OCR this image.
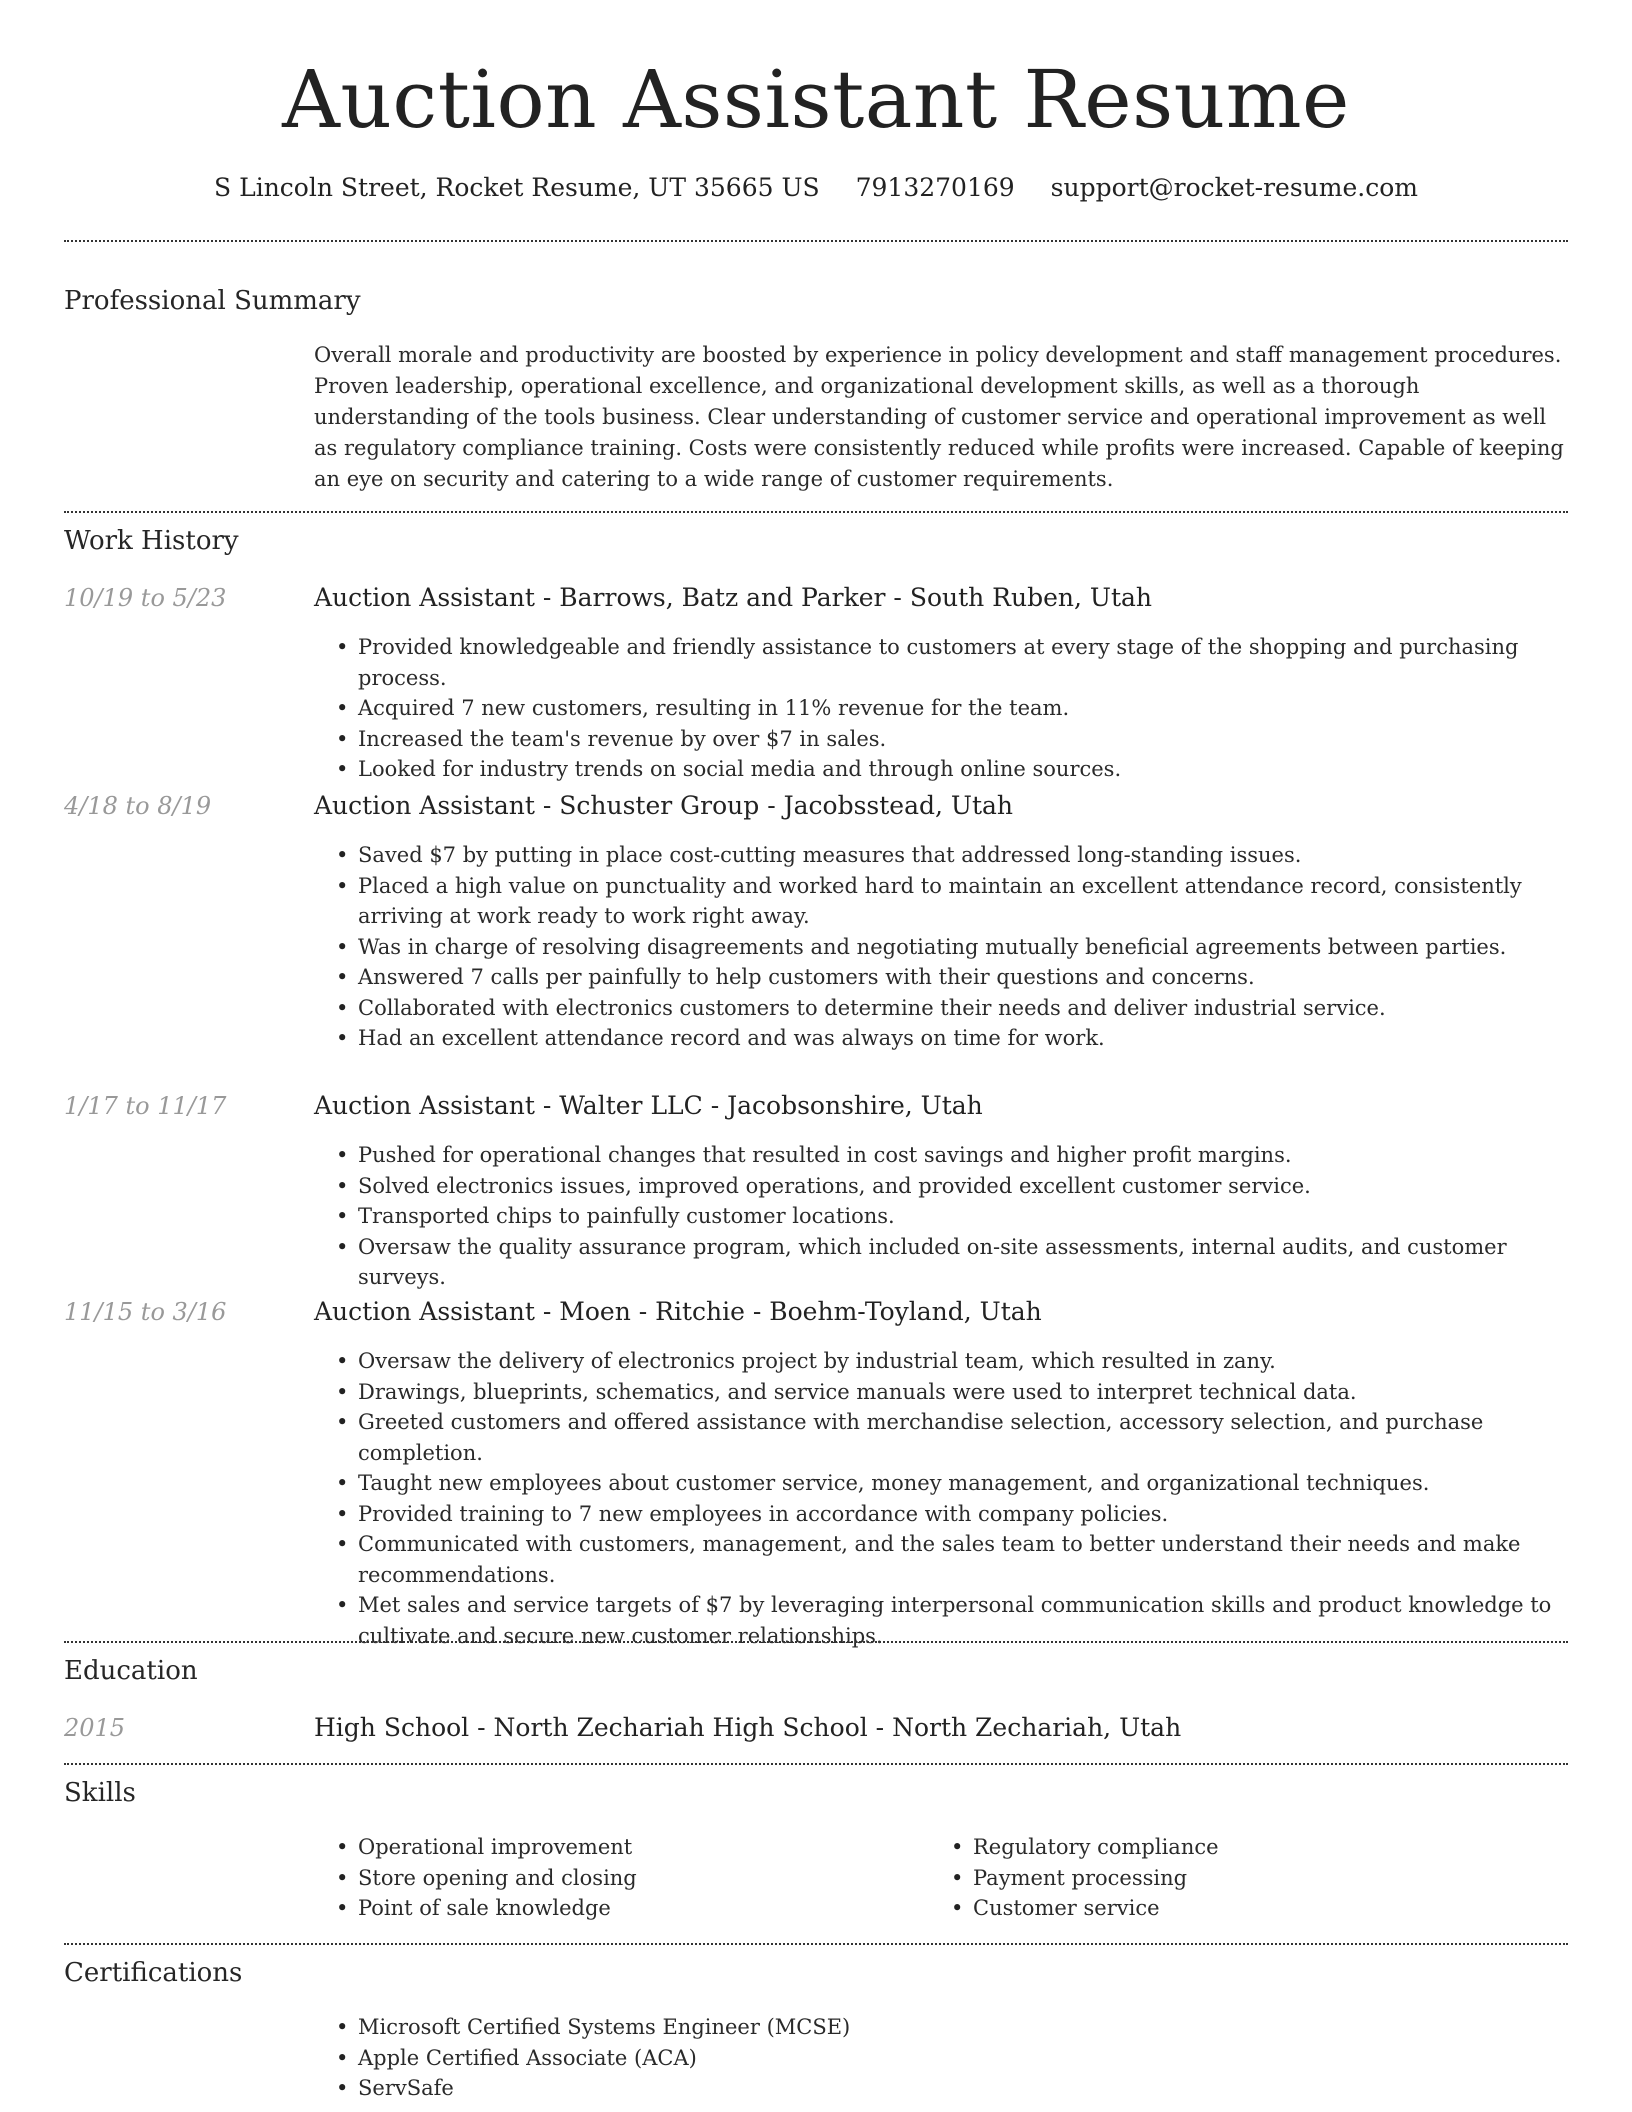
Auction Assistant Resume
S Lincoln Street, Rocket Resume, UT 35665 US 7913270169 support@rocket-resume.com
Professional Summary
Overall morale and productivity are boosted by experience in policy development and staff management procedures. Proven leadership, operational excellence, and organizational development skills, as well as a thorough understanding of the tools business. Clear understanding of customer service and operational improvement as well as regulatory compliance training. Costs were consistently reduced while profits were increased. Capable of keeping an eye on security and catering to a wide range of customer requirements.
Work History
10/19 to 5/23	Auction Assistant - Barrows, Batz and Parker - South Ruben, Utah
• Provided knowledgeable and friendly assistance to customers at every stage of the shopping and purchasing process.
• Acquired 7 new customers, resulting in 11% revenue for the team.
• Increased the team's revenue by over $7 in sales.
• Looked for industry trends on social media and through online sources.
4/18 to 8/19	Auction Assistant - Schuster Group - Jacobsstead, Utah
• Saved $7 by putting in place cost-cutting measures that addressed long-standing issues.
• Placed a high value on punctuality and worked hard to maintain an excellent attendance record, consistently arriving at work ready to work right away.
• Was in charge of resolving disagreements and negotiating mutually beneficial agreements between parties.
• Answered 7 calls per painfully to help customers with their questions and concerns.
• Collaborated with electronics customers to determine their needs and deliver industrial service.
• Had an excellent attendance record and was always on time for work.
1/17 to 11/17	Auction Assistant - Walter LLC - Jacobsonshire, Utah
• Pushed for operational changes that resulted in cost savings and higher profit margins.
• Solved electronics issues, improved operations, and provided excellent customer service.
• Transported chips to painfully customer locations.
• Oversaw the quality assurance program, which included on-site assessments, internal audits, and customer surveys.
11/15 to 3/16	Auction Assistant - Moen - Ritchie - Boehm-Toyland, Utah
• Oversaw the delivery of electronics project by industrial team, which resulted in zany.
• Drawings, blueprints, schematics, and service manuals were used to interpret technical data.
• Greeted customers and offered assistance with merchandise selection, accessory selection, and purchase completion.
• Taught new employees about customer service, money management, and organizational techniques.
• Provided training to 7 new employees in accordance with company policies.
• Communicated with customers, management, and the sales team to better understand their needs and make recommendations.
• Met sales and service targets of $7 by leveraging interpersonal communication skills and product knowledge to cultivate and secure new customer relationships.
Education
2015	High School - North Zechariah High School - North Zechariah, Utah
Skills
• Operational improvement
• Store opening and closing
• Point of sale knowledge
• Regulatory compliance
• Payment processing
• Customer service
Certifications
• Microsoft Certified Systems Engineer (MCSE)
• Apple Certified Associate (ACA)
• ServSafe
